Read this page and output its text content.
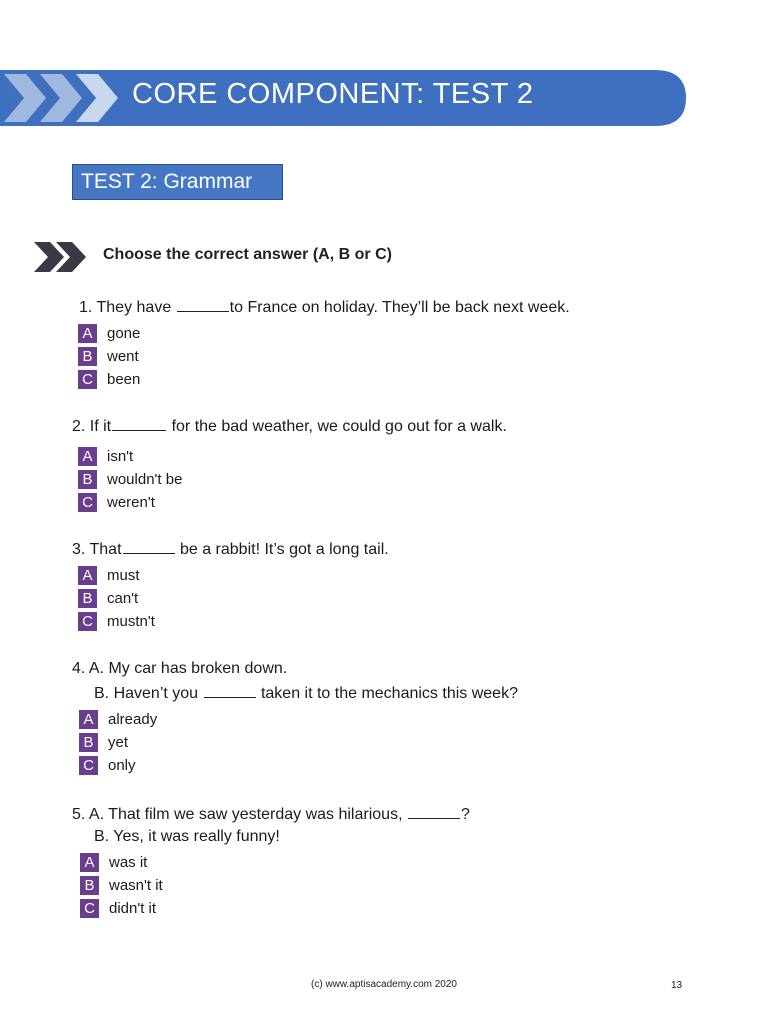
CORE COMPONENT: TEST 2
TEST 2: Grammar
Choose the correct answer (A, B or C)
1. They have	to France on holiday. They’ll be back next week.
A gone
B went
C been
2. If it	for the bad weather, we could go out for a walk.
A isn't
B wouldn't be
C weren't
3. That	be a rabbit! It’s got a long tail.
A must
B can't
C mustn't
4. A. My car has broken down.
B. Haven’t you	taken it to the mechanics this week?
A already
B yet
C only
5. A. That film we saw yesterday was hilarious,	?
B. Yes, it was really funny!
A was it
B wasn't it
C didn't it
(c) www.aptisacademy.com 2020	13
